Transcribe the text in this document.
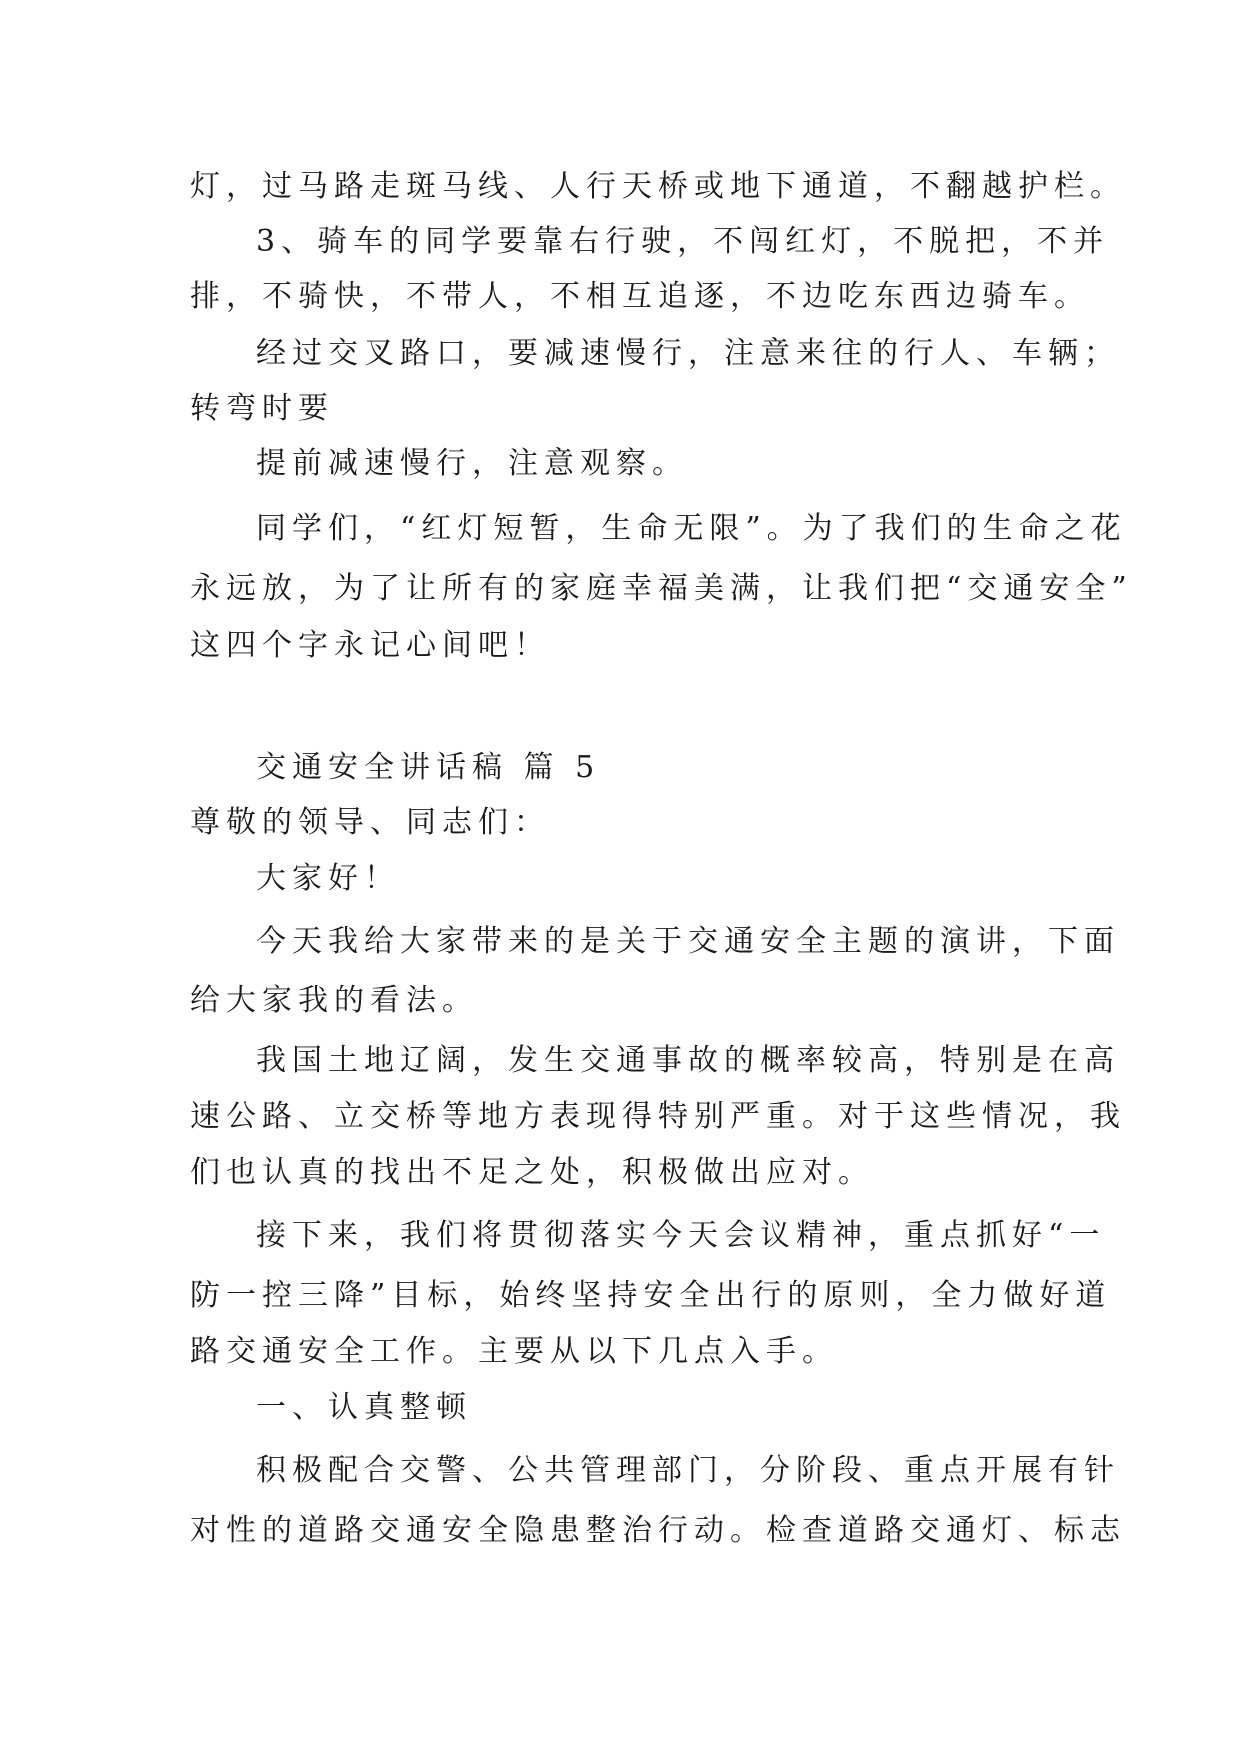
灯，过马路走斑马线、人行天桥或地下通道，不翻越护栏。

3、骑车的同学要靠右行驶，不闯红灯，不脱把，不并

排，不骑快，不带人，不相互追逐，不边吃东西边骑车。

经过交叉路口，要减速慢行，注意来往的行人、车辆；

转弯时要

提前减速慢行，注意观察。

同学们，“红灯短暂，生命无限”。为了我们的生命之花

永远放，为了让所有的家庭幸福美满，让我们把“交通安全”

这四个字永记心间吧！

交通安全讲话稿 篇 5

尊敬的领导、同志们：

大家好！

今天我给大家带来的是关于交通安全主题的演讲，下面

给大家我的看法。

我国土地辽阔，发生交通事故的概率较高，特别是在高

速公路、立交桥等地方表现得特别严重。对于这些情况，我

们也认真的找出不足之处，积极做出应对。

接下来，我们将贯彻落实今天会议精神，重点抓好“一

防一控三降”目标，始终坚持安全出行的原则，全力做好道

路交通安全工作。主要从以下几点入手。

一、认真整顿

积极配合交警、公共管理部门，分阶段、重点开展有针

对性的道路交通安全隐患整治行动。检查道路交通灯、标志
